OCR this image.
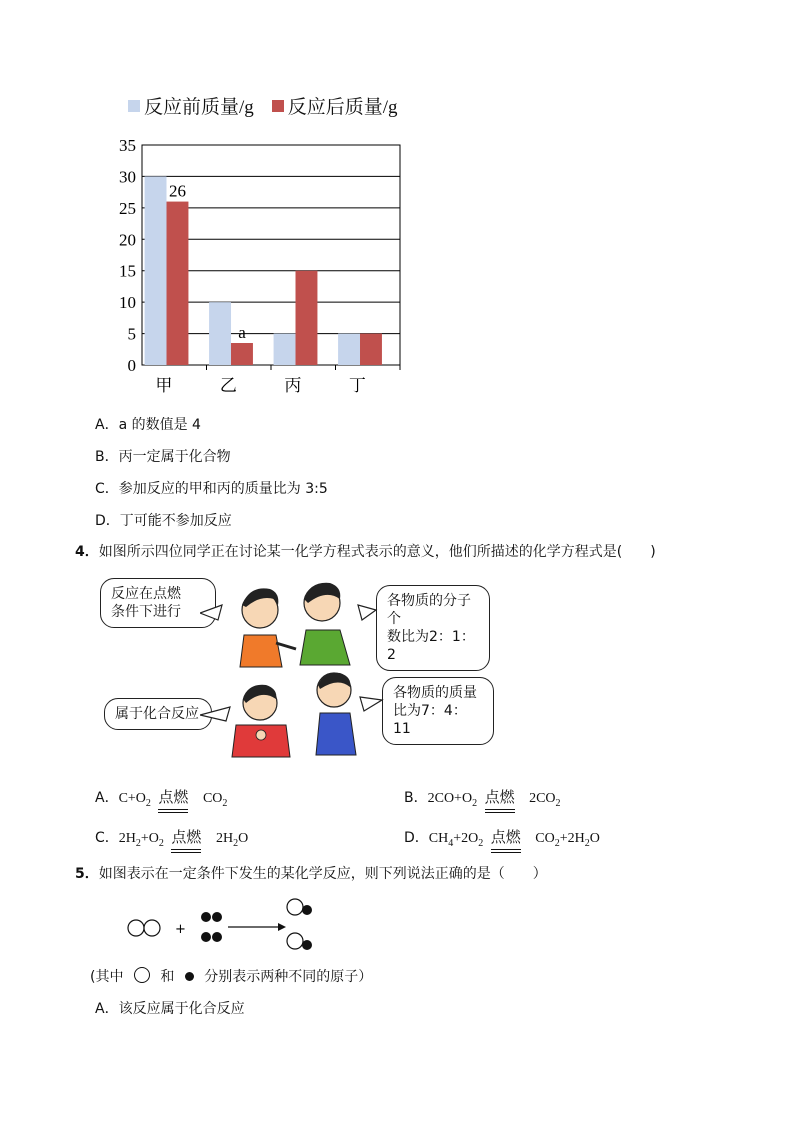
反应前质量/g 反应后质量/g
0
5
10
15
20
25
30
35
甲	乙	丙	丁
26
a
A．a 的数值是 4
B．丙一定属于化合物
C．参加反应的甲和丙的质量比为 3:5
D．丁可能不参加反应
4．如图所示四位同学正在讨论某一化学方程式表示的意义，他们所描述的化学方程式是(　　)
反应在点燃
条件下进行
各物质的分子个
数比为2：1：2
属于化合反应
各物质的质量
比为7：4：11
A．$C+O_2$ 点燃 $CO_2$	B．$2CO+O_2$ 点燃 $2CO_2$
C．$2H_2+O_2$ 点燃 $2H_2O$	D．$CH_4+2O_2$ 点燃 $CO_2+2H_2O$
5．如图表示在一定条件下发生的某化学反应，则下列说法正确的是（　　）
+
(其中	和 分别表示两种不同的原子）
A．该反应属于化合反应
